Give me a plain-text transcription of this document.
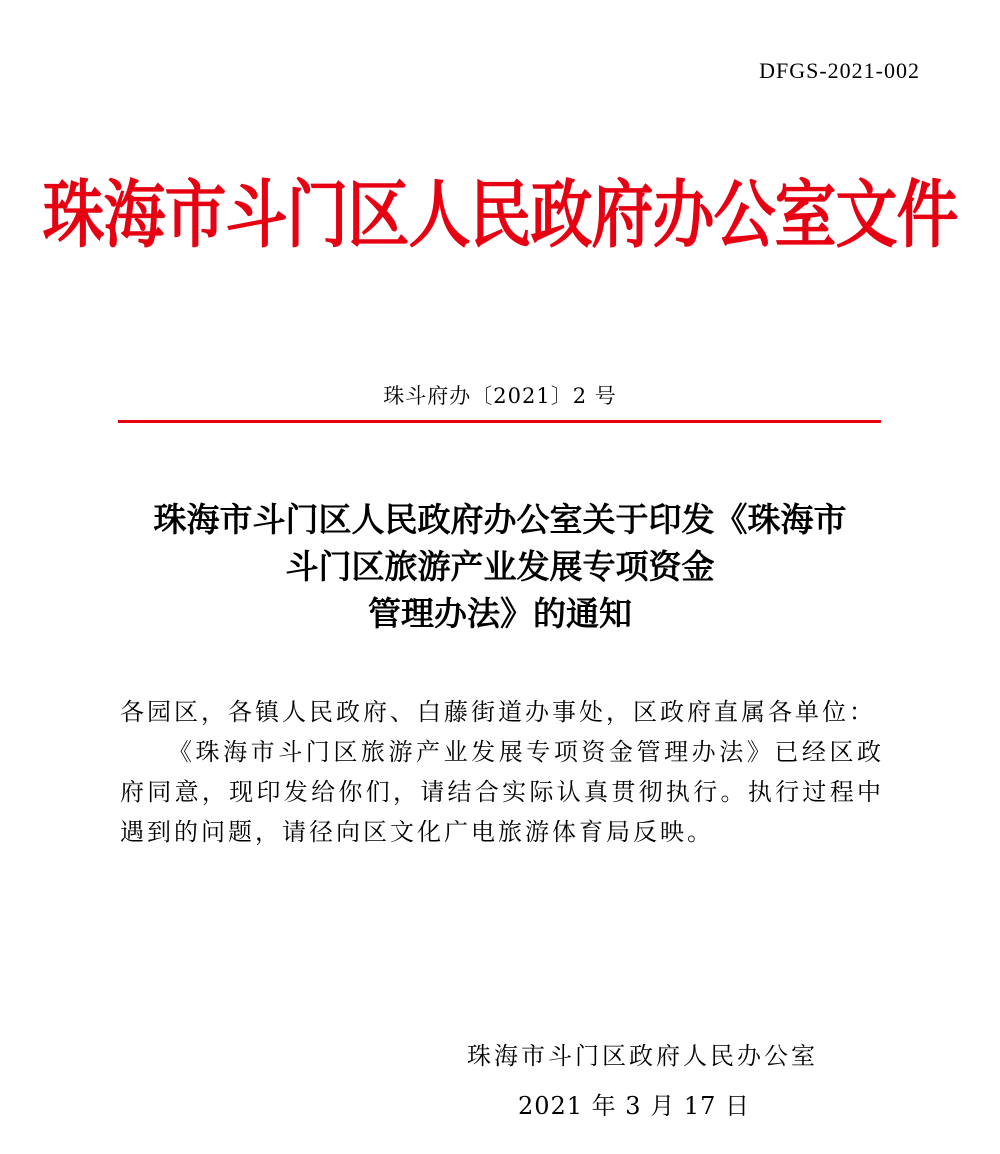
DFGS-2021-002
珠海市斗门区人民政府办公室文件
珠斗府办〔2021〕2 号
珠海市斗门区人民政府办公室关于印发《珠海市
斗门区旅游产业发展专项资金
管理办法》的通知
各园区，各镇人民政府、白藤街道办事处，区政府直属各单位：

《珠海市斗门区旅游产业发展专项资金管理办法》已经区政府同意，现印发给你们，请结合实际认真贯彻执行。执行过程中遇到的问题，请径向区文化广电旅游体育局反映。

珠海市斗门区政府人民办公室
2021 年 3 月 17 日
